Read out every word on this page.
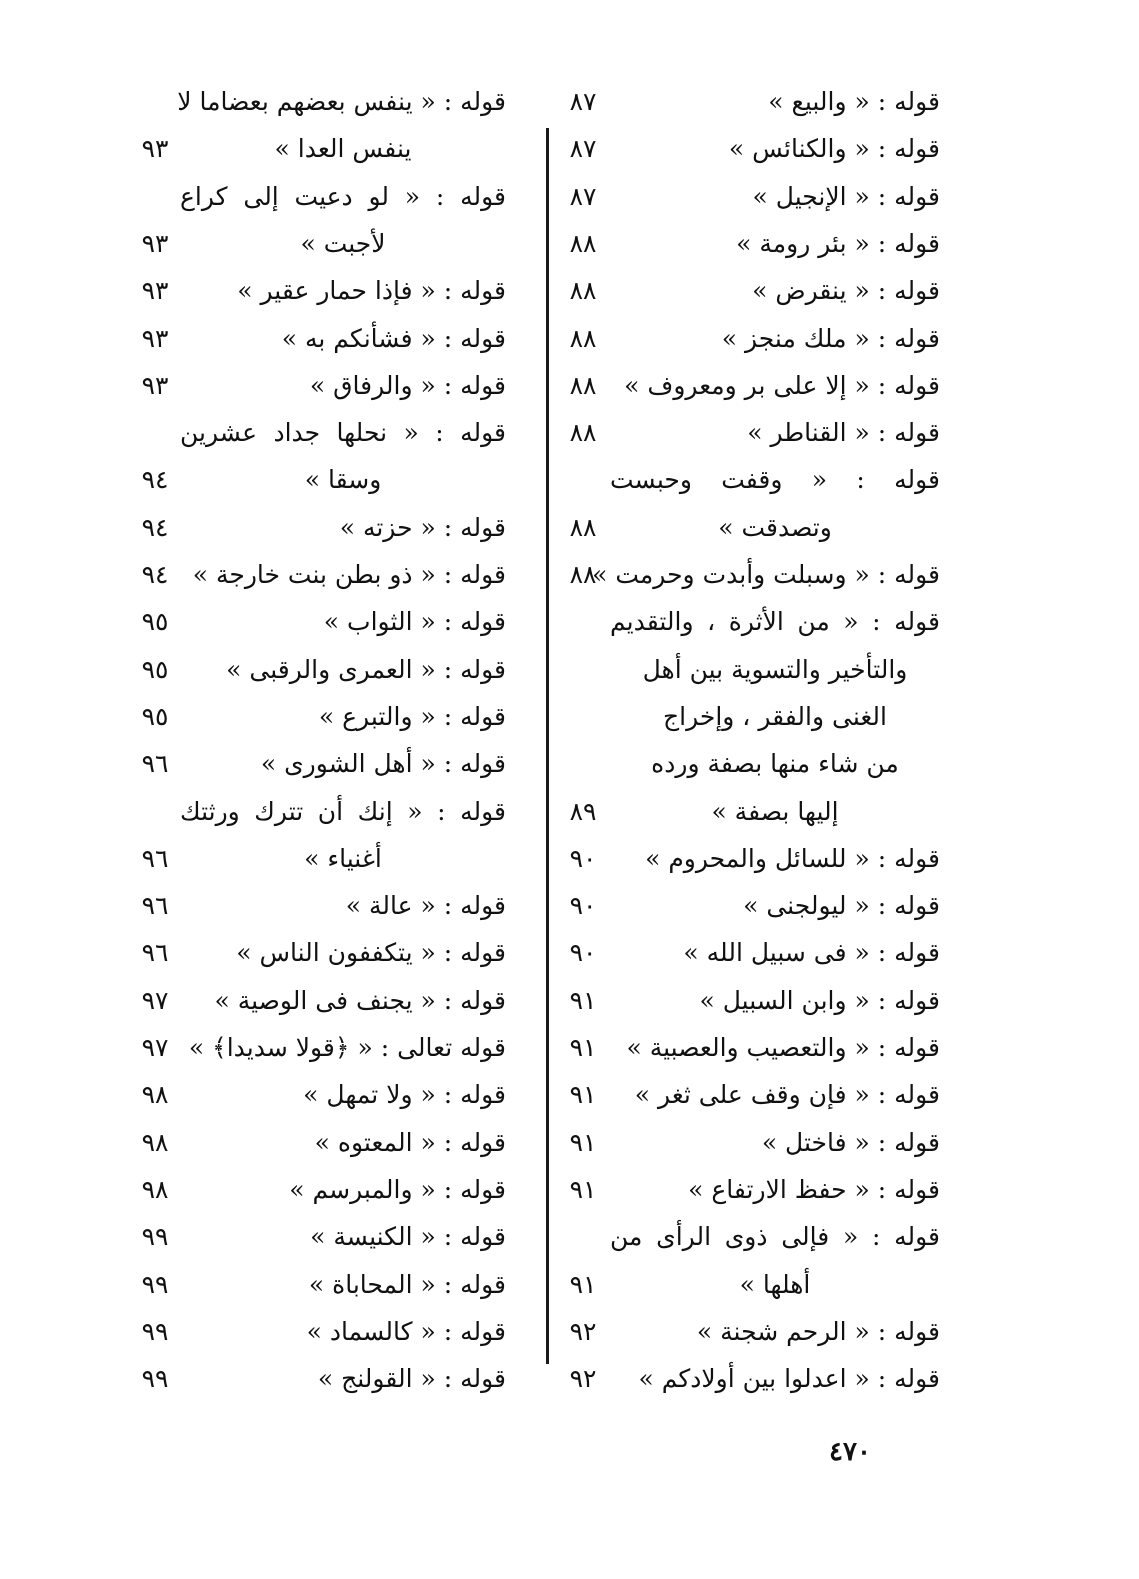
قوله : « والبيع »
٨٧
قوله : « والكنائس »
٨٧
قوله : « الإنجيل »
٨٧
قوله : « بئر رومة »
٨٨
قوله : « ينقرض »
٨٨
قوله : « ملك منجز »
٨٨
قوله : « إلا على بر ومعروف »
٨٨
قوله : « القناطر »
٨٨
قوله : « وقفت وحبست
وتصدقت »
٨٨
قوله : « وسبلت وأبدت وحرمت »
٨٨
قوله : « من الأثرة ، والتقديم
والتأخير والتسوية بين أهل
الغنى والفقر ، وإخراج
من شاء منها بصفة ورده
إليها بصفة »
٨٩
قوله : « للسائل والمحروم »
٩٠
قوله : « ليولجنى »
٩٠
قوله : « فى سبيل الله »
٩٠
قوله : « وابن السبيل »
٩١
قوله : « والتعصيب والعصبية »
٩١
قوله : « فإن وقف على ثغر »
٩١
قوله : « فاختل »
٩١
قوله : « حفظ الارتفاع »
٩١
قوله : « فإلى ذوى الرأى من
أهلها »
٩١
قوله : « الرحم شجنة »
٩٢
قوله : « اعدلوا بين أولادكم »
٩٢
قوله : « ينفس بعضهم بعضاما لا
ينفس العدا »
٩٣
قوله : « لو دعيت إلى كراع
لأجبت »
٩٣
قوله : « فإذا حمار عقير »
٩٣
قوله : « فشأنكم به »
٩٣
قوله : « والرفاق »
٩٣
قوله : « نحلها جداد عشرين
وسقا »
٩٤
قوله : « حزته »
٩٤
قوله : « ذو بطن بنت خارجة »
٩٤
قوله : « الثواب »
٩٥
قوله : « العمرى والرقبى »
٩٥
قوله : « والتبرع »
٩٥
قوله : « أهل الشورى »
٩٦
قوله : « إنك أن تترك ورثتك
أغنياء »
٩٦
قوله : « عالة »
٩٦
قوله : « يتكففون الناس »
٩٦
قوله : « يجنف فى الوصية »
٩٧
قوله تعالى : « ﴿قولا سديدا﴾ »
٩٧
قوله : « ولا تمهل »
٩٨
قوله : « المعتوه »
٩٨
قوله : « والمبرسم »
٩٨
قوله : « الكنيسة »
٩٩
قوله : « المحاباة »
٩٩
قوله : « كالسماد »
٩٩
قوله : « القولنج »
٩٩
٤٧٠
